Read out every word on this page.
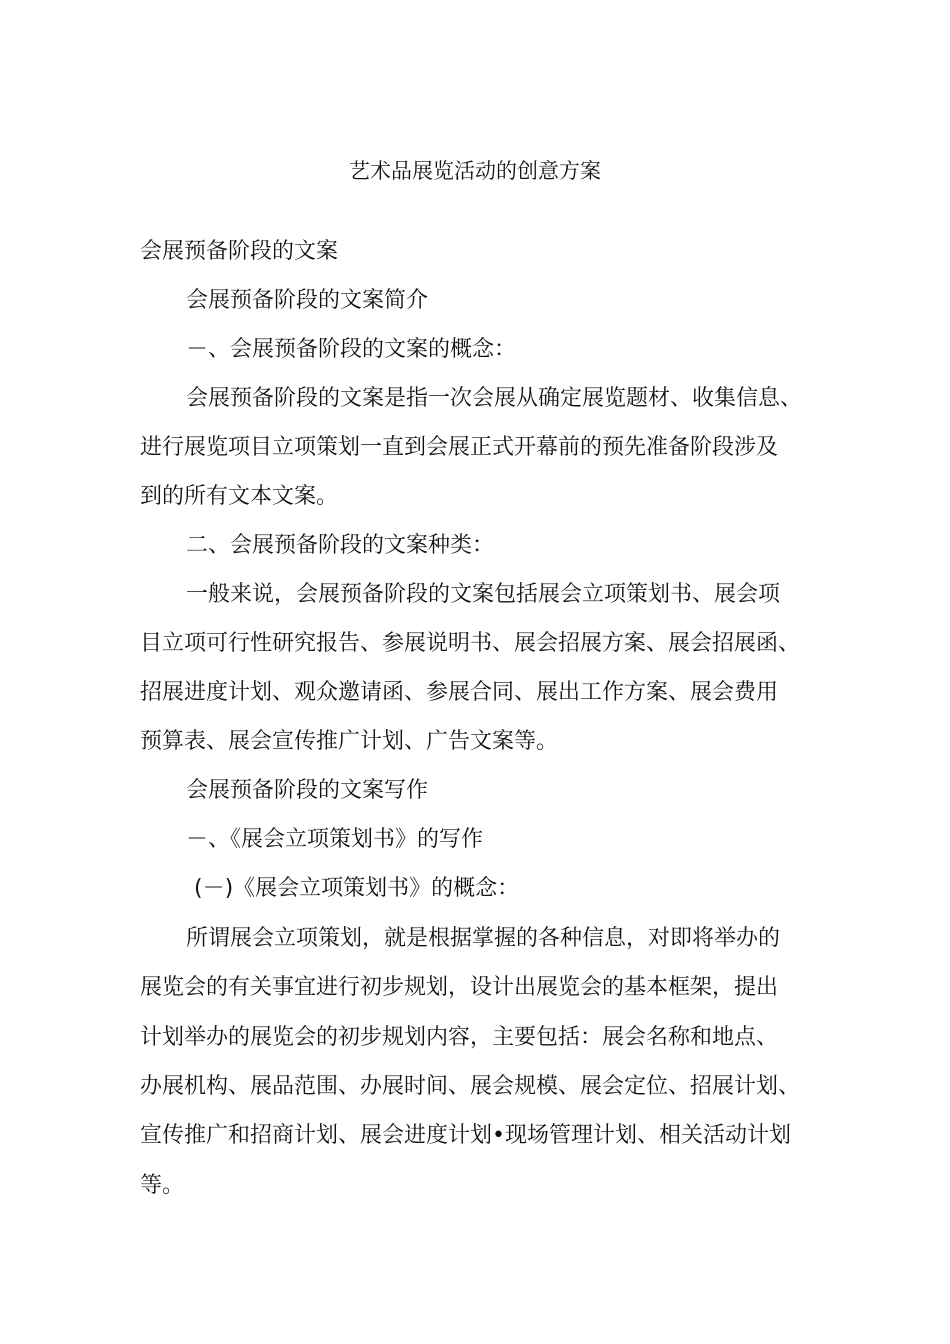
艺术品展览活动的创意方案
会展预备阶段的文案
会展预备阶段的文案简介
－、会展预备阶段的文案的概念：
会展预备阶段的文案是指一次会展从确定展览题材、收集信息、
进行展览项目立项策划一直到会展正式开幕前的预先准备阶段涉及
到的所有文本文案。
二、会展预备阶段的文案种类：
一般来说，会展预备阶段的文案包括展会立项策划书、展会项
目立项可行性研究报告、参展说明书、展会招展方案、展会招展函、
招展进度计划、观众邀请函、参展合同、展出工作方案、展会费用
预算表、展会宣传推广计划、广告文案等。
会展预备阶段的文案写作
－、《展会立项策划书》的写作
(－)《展会立项策划书》的概念：
所谓展会立项策划，就是根据掌握的各种信息，对即将举办的
展览会的有关事宜进行初步规划，设计出展览会的基本框架，提出
计划举办的展览会的初步规划内容，主要包括：展会名称和地点、
办展机构、展品范围、办展时间、展会规模、展会定位、招展计划、
宣传推广和招商计划、展会进度计划•现场管理计划、相关活动计划
等。
